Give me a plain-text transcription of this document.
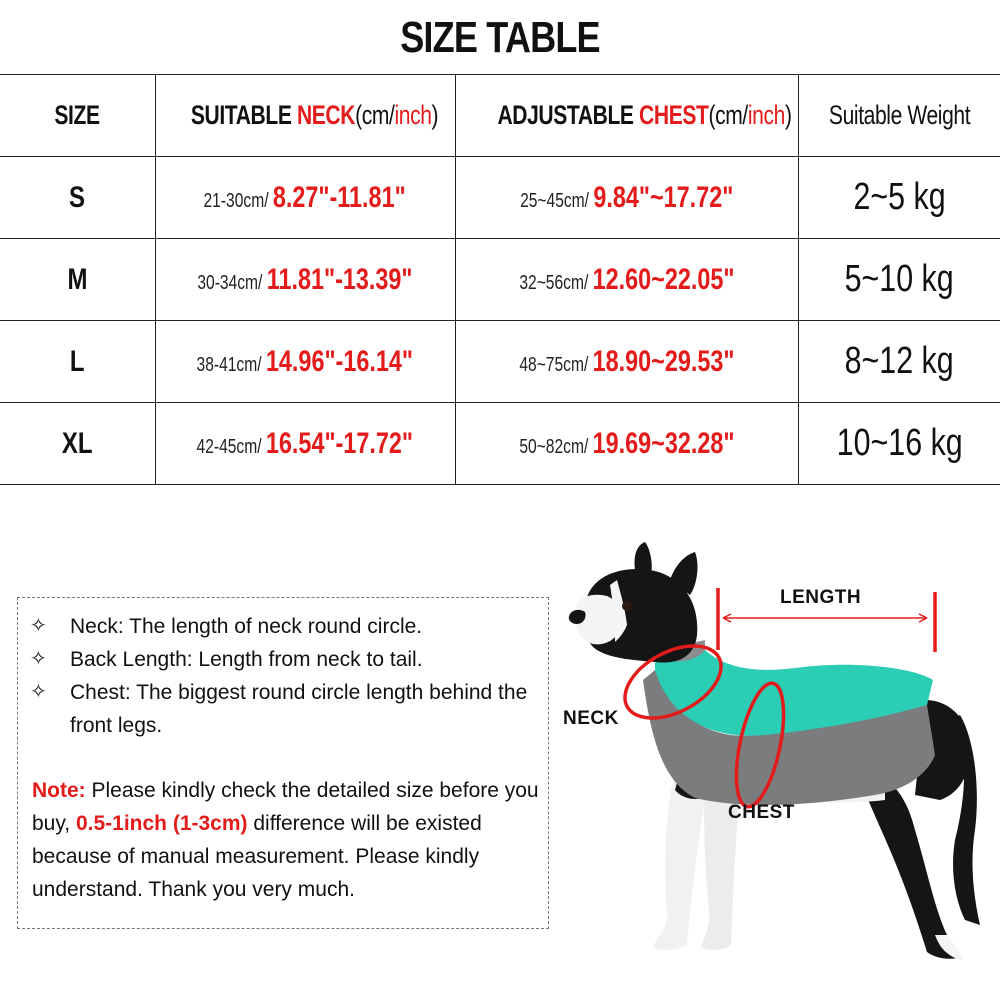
SIZE TABLE
SIZE	SUITABLE NECK(cm/inch)	ADJUSTABLE CHEST(cm/inch)	Suitable Weight
S	21-30cm/ 8.27"-11.81"	25~45cm/ 9.84"~17.72"	2~5 kg
M	30-34cm/ 11.81"-13.39"	32~56cm/ 12.60~22.05"	5~10 kg
L	38-41cm/ 14.96"-16.14"	48~75cm/ 18.90~29.53"	8~12 kg
XL	42-45cm/ 16.54"-17.72"	50~82cm/ 19.69~32.28"	10~16 kg
✧	Neck: The length of neck round circle.
✧	Back Length: Length from neck to tail.
✧	Chest: The biggest round circle length behind the front legs.
Note: Please kindly check the detailed size before you buy, 0.5-1inch (1-3cm) difference will be existed because of manual measurement. Please kindly understand. Thank you very much.
LENGTH
NECK
CHEST
